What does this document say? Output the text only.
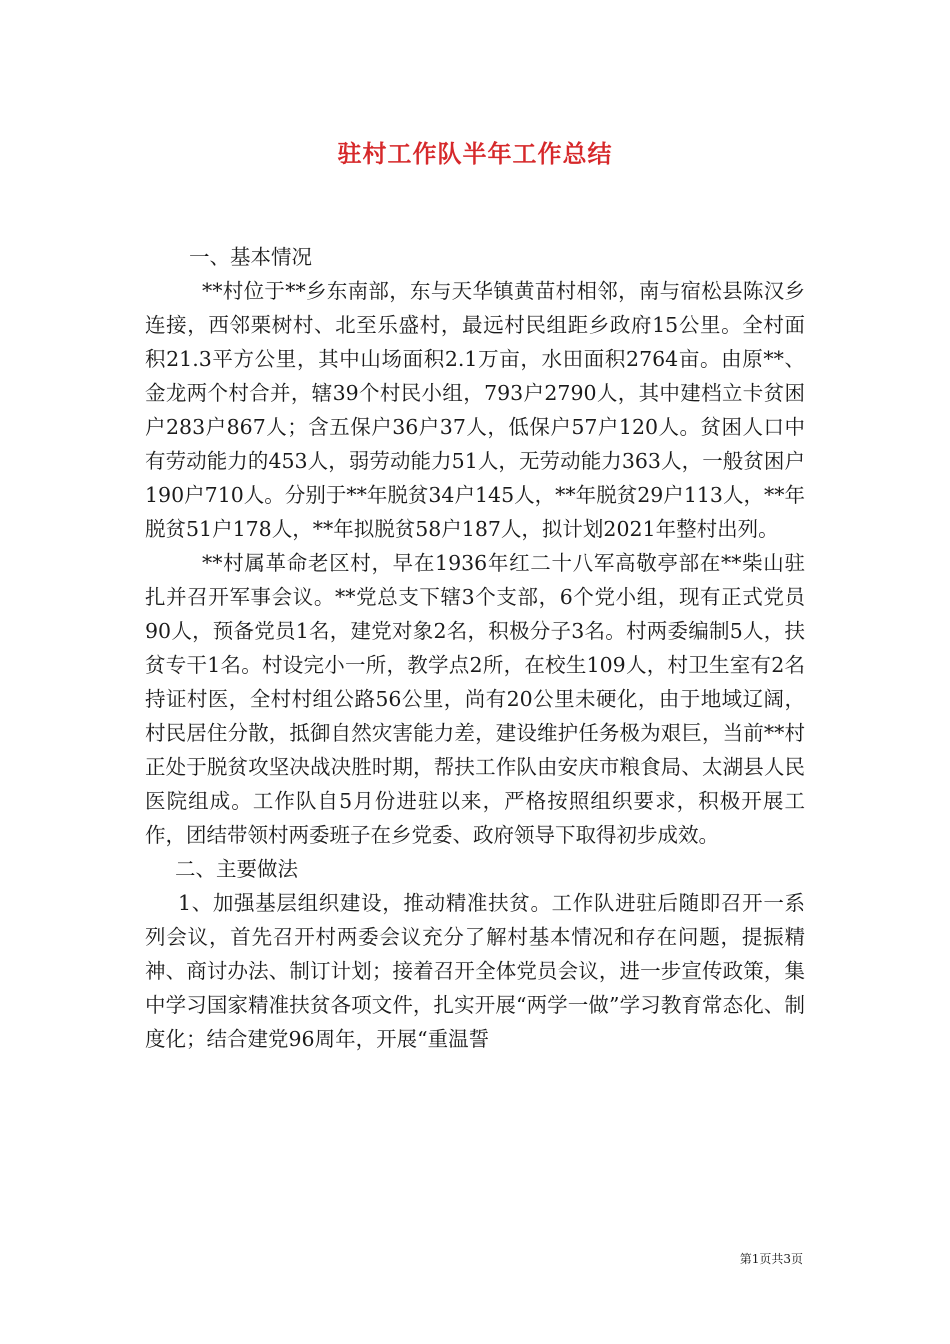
驻村工作队半年工作总结
一、基本情况

**村位于**乡东南部，东与天华镇黄苗村相邻，南与宿松县陈汉乡连接，西邻栗树村、北至乐盛村，最远村民组距乡政府15公里。全村面积21.3平方公里，其中山场面积2.1万亩，水田面积2764亩。由原**、金龙两个村合并，辖39个村民小组，793户2790人，其中建档立卡贫困户283户867人；含五保户36户37人，低保户57户120人。贫困人口中有劳动能力的453人，弱劳动能力51人，无劳动能力363人，一般贫困户190户710人。分别于**年脱贫34户145人，**年脱贫29户113人，**年脱贫51户178人，**年拟脱贫58户187人，拟计划2021年整村出列。

**村属革命老区村，早在1936年红二十八军高敬亭部在**柴山驻扎并召开军事会议。**党总支下辖3个支部，6个党小组，现有正式党员90人，预备党员1名，建党对象2名，积极分子3名。村两委编制5人，扶贫专干1名。村设完小一所，教学点2所，在校生109人，村卫生室有2名持证村医，全村村组公路56公里，尚有20公里未硬化，由于地域辽阔，村民居住分散，抵御自然灾害能力差，建设维护任务极为艰巨，当前**村正处于脱贫攻坚决战决胜时期，帮扶工作队由安庆市粮食局、太湖县人民医院组成。工作队自5月份进驻以来，严格按照组织要求，积极开展工作，团结带领村两委班子在乡党委、政府领导下取得初步成效。

二、主要做法

1、加强基层组织建设，推动精准扶贫。工作队进驻后随即召开一系列会议，首先召开村两委会议充分了解村基本情况和存在问题，提振精神、商讨办法、制订计划；接着召开全体党员会议，进一步宣传政策，集中学习国家精准扶贫各项文件，扎实开展“两学一做”学习教育常态化、制度化；结合建党96周年，开展“重温誓

第1页共3页
